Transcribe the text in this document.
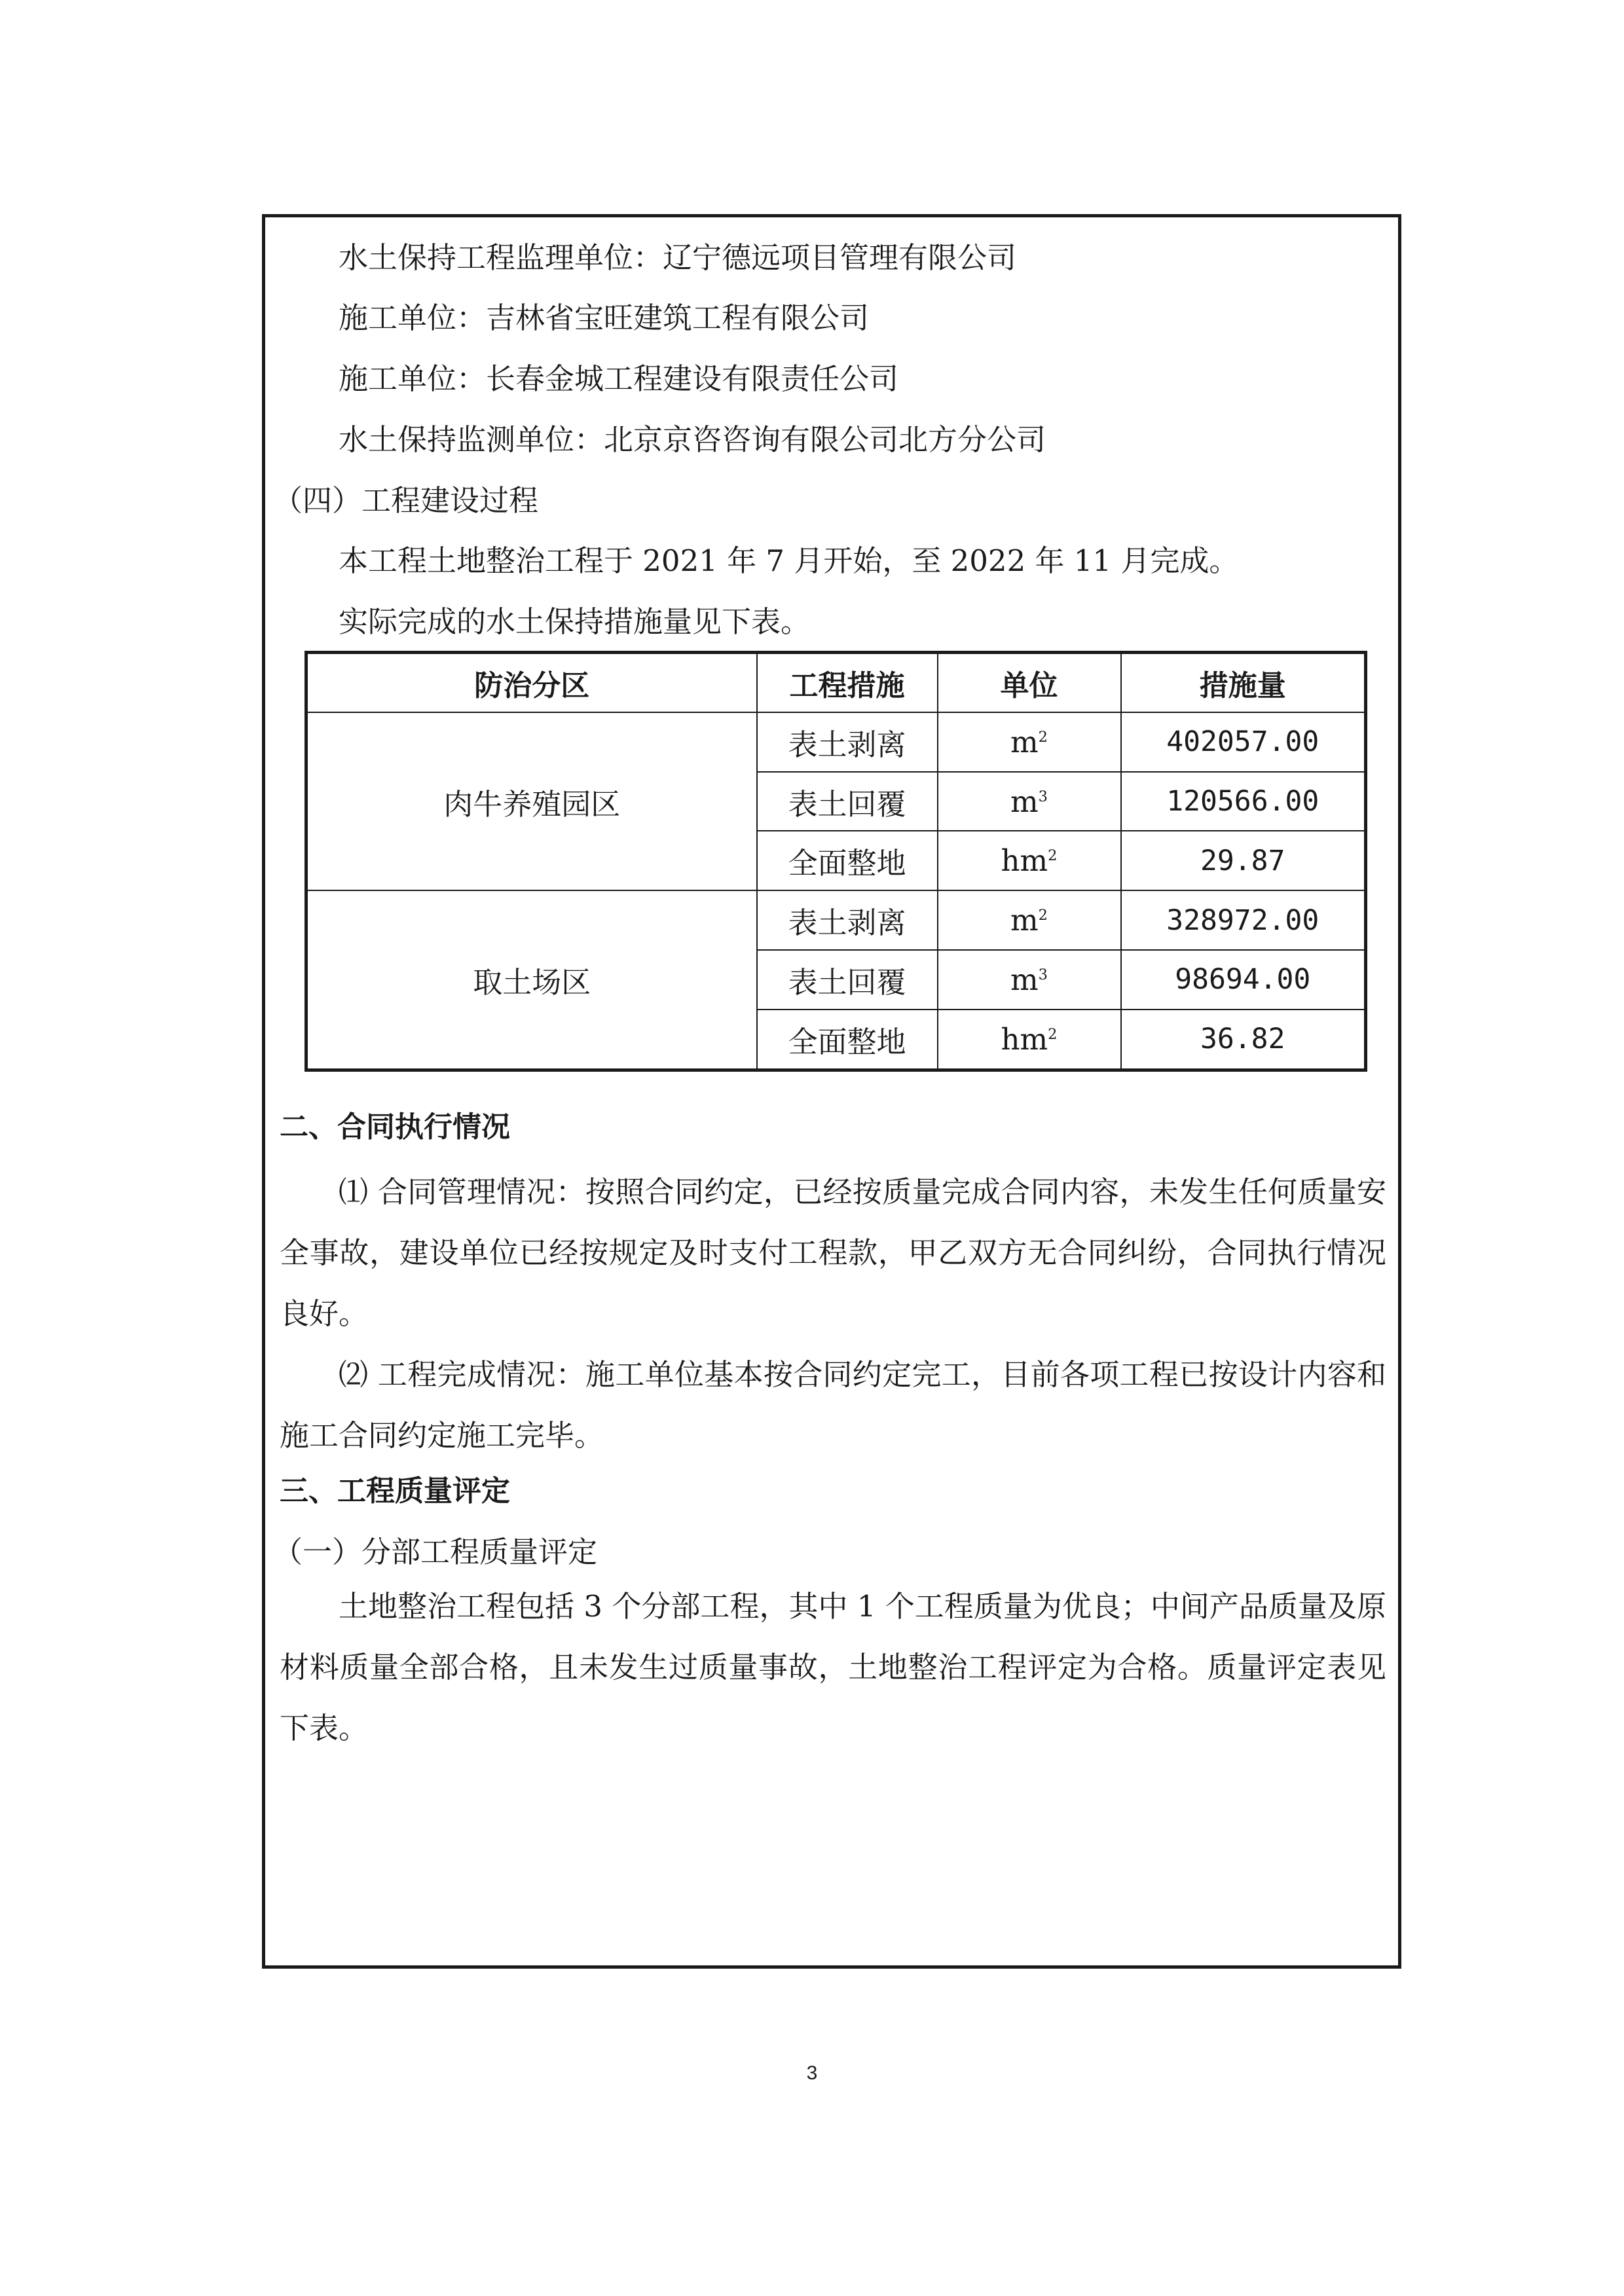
水土保持工程监理单位：辽宁德远项目管理有限公司
施工单位：吉林省宝旺建筑工程有限公司
施工单位：长春金城工程建设有限责任公司
水土保持监测单位：北京京咨咨询有限公司北方分公司
（四）工程建设过程
本工程土地整治工程于 2021 年 7 月开始，至 2022 年 11 月完成。
实际完成的水土保持措施量见下表。
防治分区	工程措施	单位	措施量
肉牛养殖园区	表土剥离	$m^2$	402057.00
	表土回覆	$m^3$	120566.00
	全面整地	$hm^2$	29.87
取土场区	表土剥离	$m^2$	328972.00
	表土回覆	$m^3$	98694.00
	全面整地	$hm^2$	36.82
二、合同执行情况
⑴ 合同管理情况：按照合同约定，已经按质量完成合同内容，未发生任何质量安全事故，建设单位已经按规定及时支付工程款，甲乙双方无合同纠纷，合同执行情况良好。
⑵ 工程完成情况：施工单位基本按合同约定完工，目前各项工程已按设计内容和施工合同约定施工完毕。
三、工程质量评定
（一）分部工程质量评定
土地整治工程包括 3 个分部工程，其中 1 个工程质量为优良；中间产品质量及原材料质量全部合格，且未发生过质量事故，土地整治工程评定为合格。质量评定表见下表。
3
